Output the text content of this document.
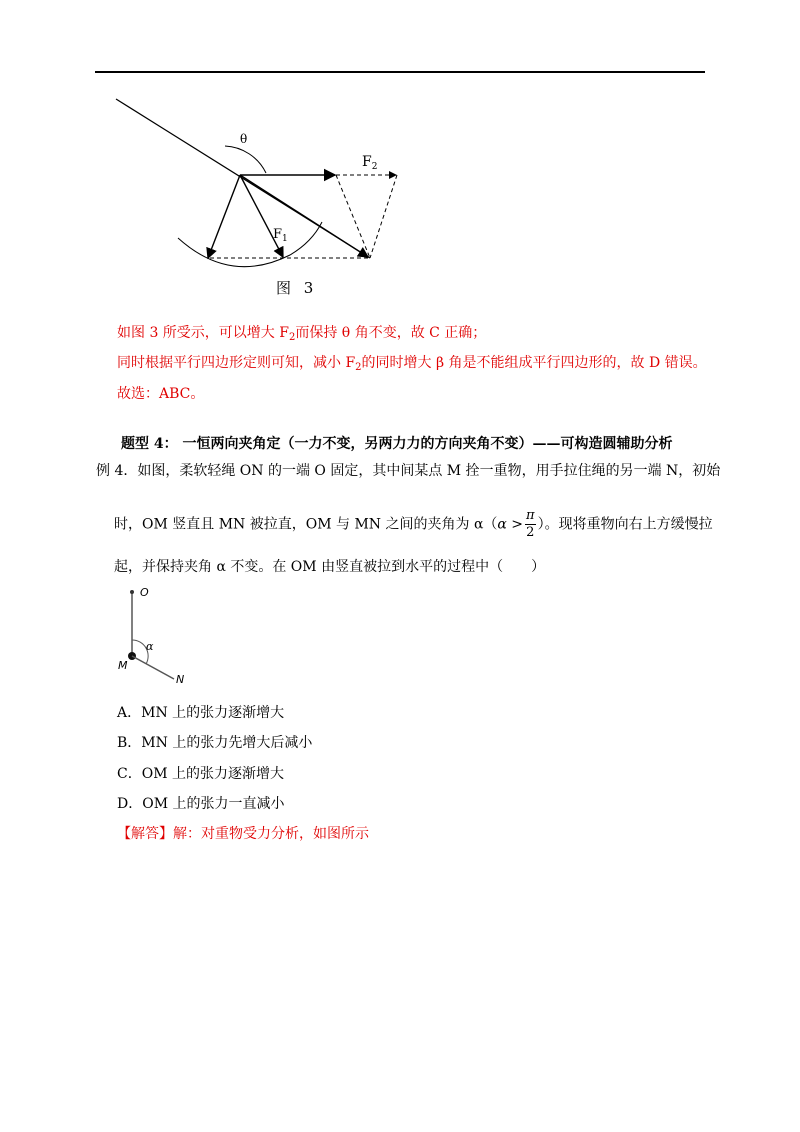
θ
$F_2$
$F_1$
图 3
如图 3 所受示，可以增大 $F_2$而保持 θ 角不变，故 C 正确；
同时根据平行四边形定则可知，减小 $F_2$的同时增大 β 角是不能组成平行四边形的，故 D 错误。
故选：ABC。
题型 4： 一恒两向夹角定（一力不变，另两力力的方向夹角不变）——可构造圆辅助分析
例 4．如图，柔软轻绳 ON 的一端 O 固定，其中间某点 M 拴一重物，用手拉住绳的另一端 N，初始
时，OM 竖直且 MN 被拉直，OM 与 MN 之间的夹角为 $\alpha(\alpha > \frac{\pi}{2}$ ）。现将重物向右上方缓慢拉
起，并保持夹角 α 不变。在 OM 由竖直被拉到水平的过程中（　　）
O
M
N
α
A．MN 上的张力逐渐增大
B．MN 上的张力先增大后减小
C．OM 上的张力逐渐增大
D．OM 上的张力一直减小
【解答】解：对重物受力分析，如图所示
